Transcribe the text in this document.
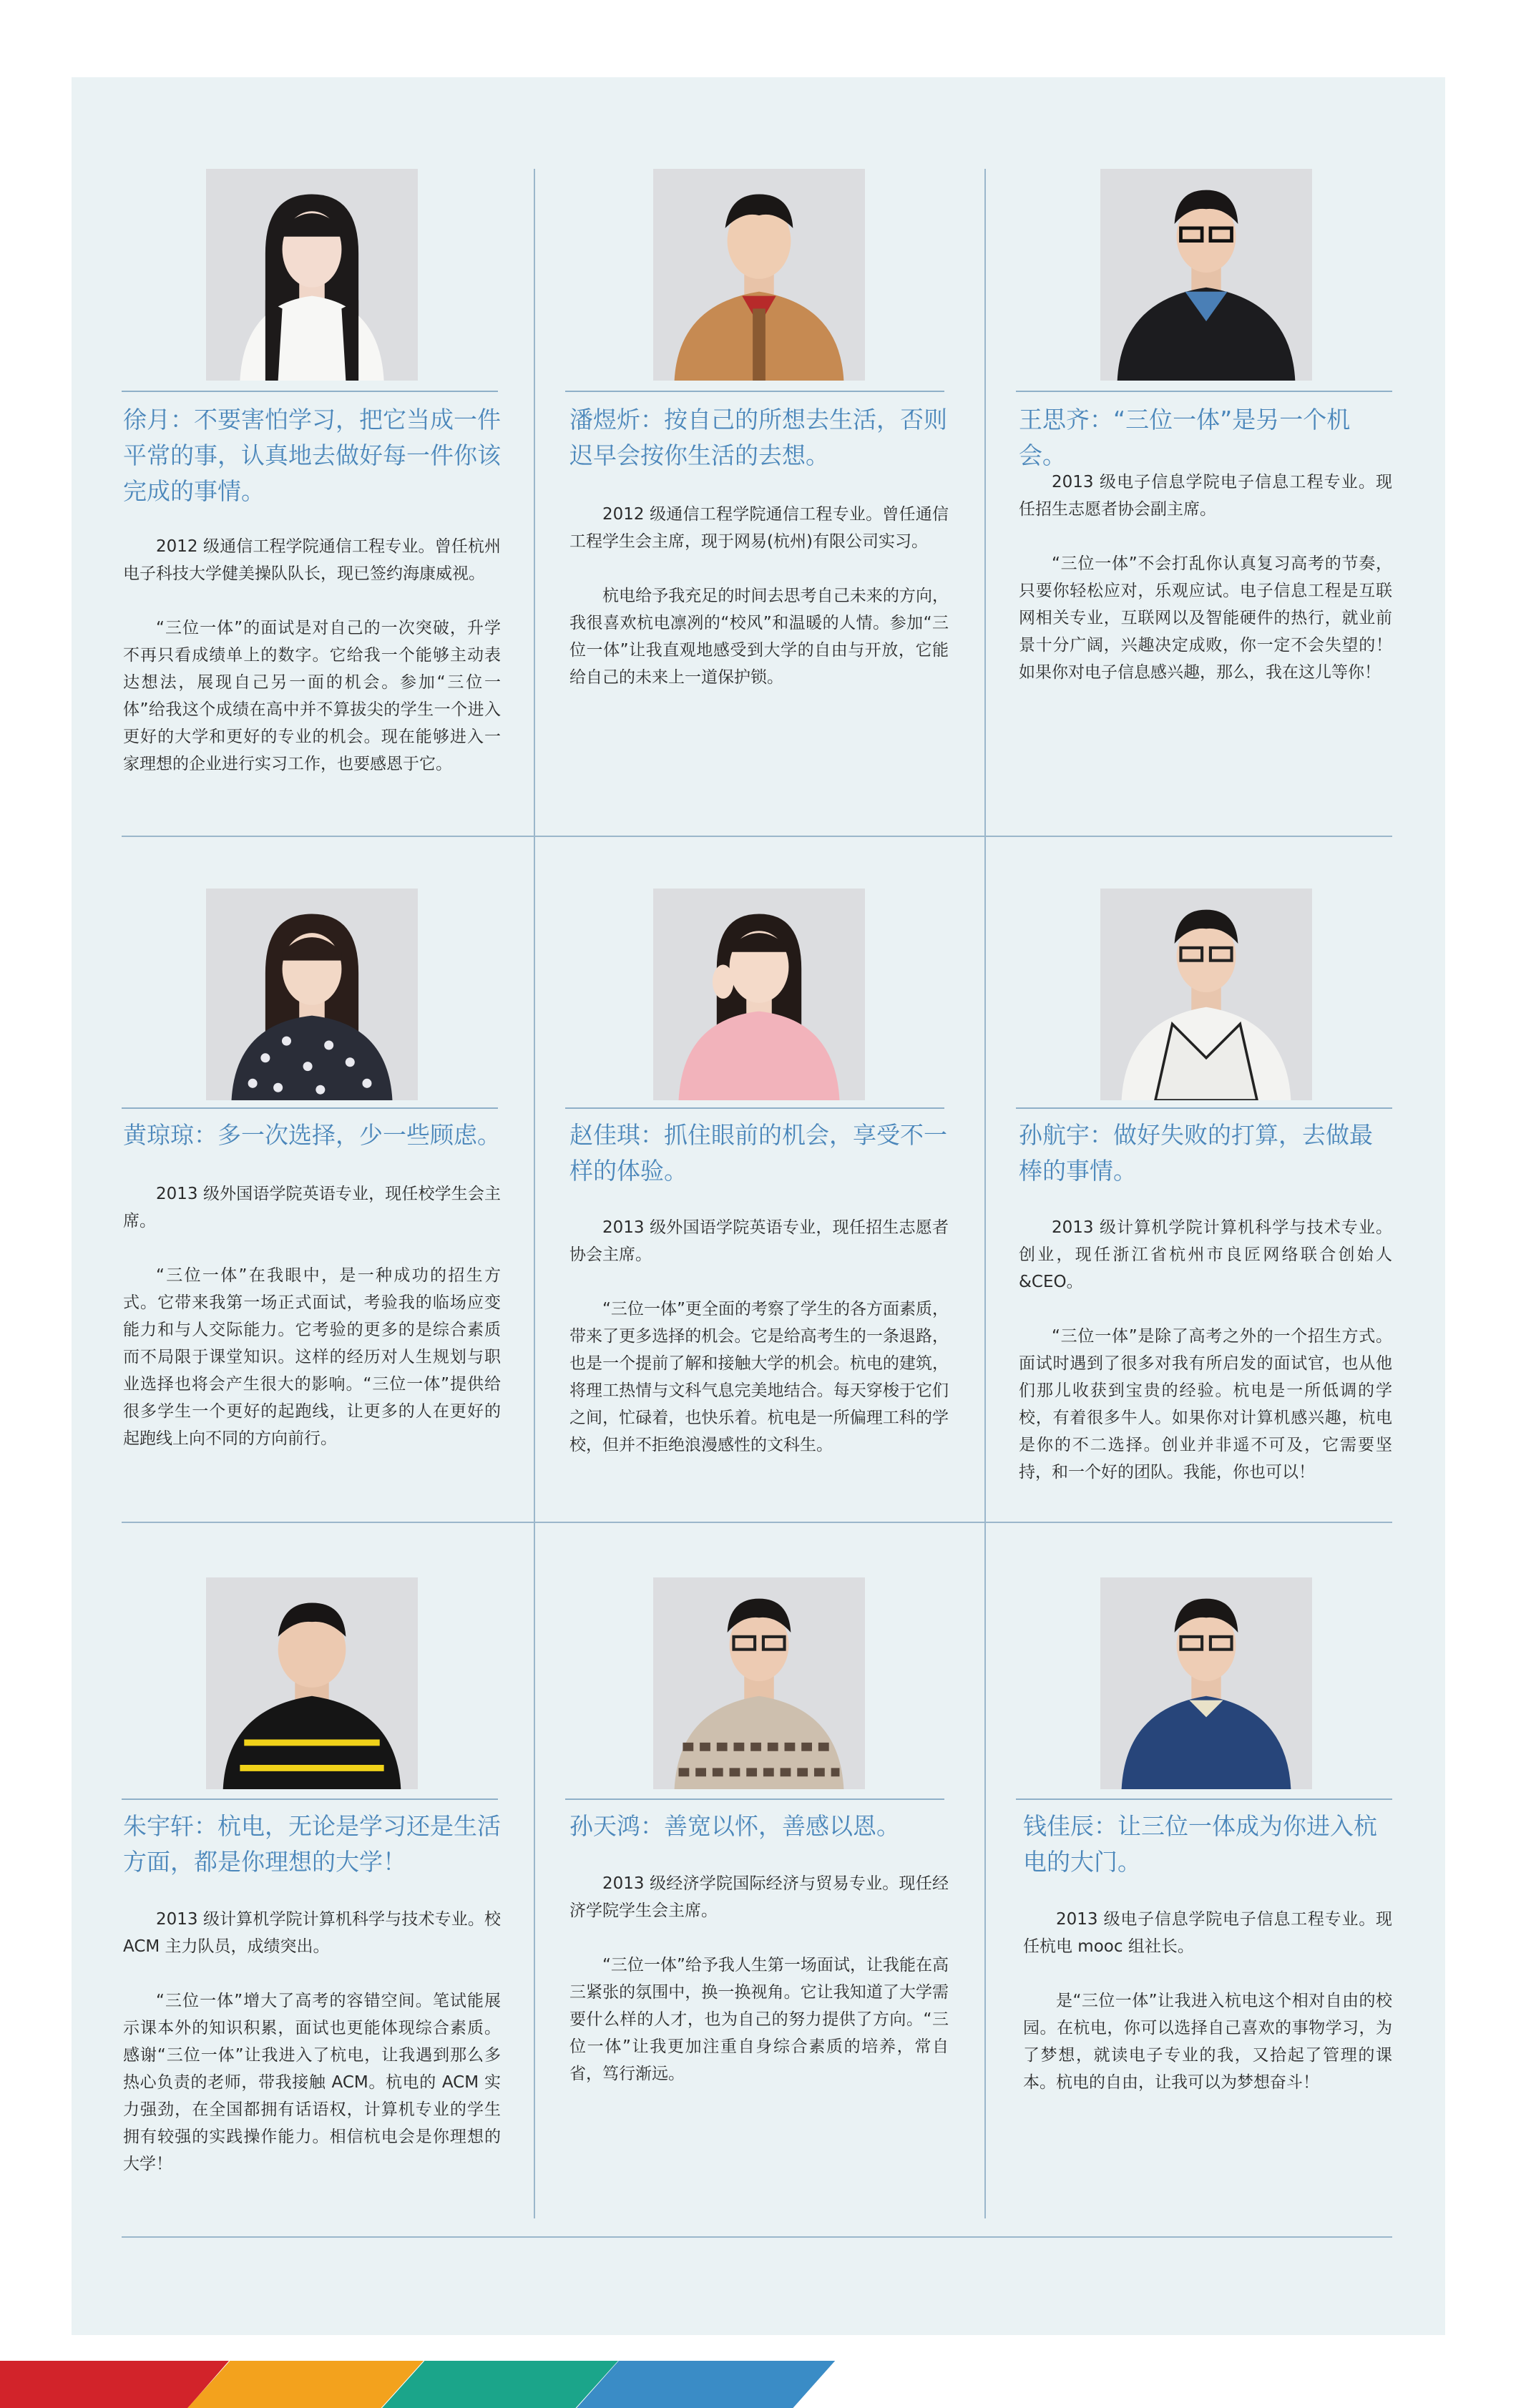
徐月：不要害怕学习，把它当成一件平常的事，认真地去做好每一件你该完成的事情。

2012 级通信工程学院通信工程专业。曾任杭州电子科技大学健美操队队长，现已签约海康威视。

“三位一体”的面试是对自己的一次突破，升学不再只看成绩单上的数字。它给我一个能够主动表达想法，展现自己另一面的机会。参加“三位一体”给我这个成绩在高中并不算拔尖的学生一个进入更好的大学和更好的专业的机会。现在能够进入一家理想的企业进行实习工作，也要感恩于它。

潘煜炘：按自己的所想去生活，否则迟早会按你生活的去想。

2012 级通信工程学院通信工程专业。曾任通信工程学生会主席，现于网易(杭州)有限公司实习。

杭电给予我充足的时间去思考自己未来的方向，我很喜欢杭电凛冽的“校风”和温暖的人情。参加“三位一体”让我直观地感受到大学的自由与开放，它能给自己的未来上一道保护锁。

王思齐：“三位一体”是另一个机会。

2013 级电子信息学院电子信息工程专业。现任招生志愿者协会副主席。

“三位一体”不会打乱你认真复习高考的节奏，只要你轻松应对，乐观应试。电子信息工程是互联网相关专业，互联网以及智能硬件的热行，就业前景十分广阔，兴趣决定成败，你一定不会失望的！如果你对电子信息感兴趣，那么，我在这儿等你！

黄琼琼：多一次选择，少一些顾虑。

2013 级外国语学院英语专业，现任校学生会主席。

“三位一体”在我眼中，是一种成功的招生方式。它带来我第一场正式面试，考验我的临场应变能力和与人交际能力。它考验的更多的是综合素质而不局限于课堂知识。这样的经历对人生规划与职业选择也将会产生很大的影响。“三位一体”提供给很多学生一个更好的起跑线，让更多的人在更好的起跑线上向不同的方向前行。

赵佳琪：抓住眼前的机会，享受不一样的体验。

2013 级外国语学院英语专业，现任招生志愿者协会主席。

“三位一体”更全面的考察了学生的各方面素质，带来了更多选择的机会。它是给高考生的一条退路，也是一个提前了解和接触大学的机会。杭电的建筑，将理工热情与文科气息完美地结合。每天穿梭于它们之间，忙碌着，也快乐着。杭电是一所偏理工科的学校，但并不拒绝浪漫感性的文科生。

孙航宇：做好失败的打算，去做最棒的事情。

2013 级计算机学院计算机科学与技术专业。创业，现任浙江省杭州市良匠网络联合创始人&CEO。

“三位一体”是除了高考之外的一个招生方式。面试时遇到了很多对我有所启发的面试官，也从他们那儿收获到宝贵的经验。杭电是一所低调的学校，有着很多牛人。如果你对计算机感兴趣，杭电是你的不二选择。创业并非遥不可及，它需要坚持，和一个好的团队。我能，你也可以！

朱宇轩：杭电，无论是学习还是生活方面，都是你理想的大学！

2013 级计算机学院计算机科学与技术专业。校 ACM 主力队员，成绩突出。

“三位一体”增大了高考的容错空间。笔试能展示课本外的知识积累，面试也更能体现综合素质。感谢“三位一体”让我进入了杭电，让我遇到那么多热心负责的老师，带我接触 ACM。杭电的 ACM 实力强劲，在全国都拥有话语权，计算机专业的学生拥有较强的实践操作能力。相信杭电会是你理想的大学！

孙天鸿：善宽以怀，善感以恩。

2013 级经济学院国际经济与贸易专业。现任经济学院学生会主席。

“三位一体”给予我人生第一场面试，让我能在高三紧张的氛围中，换一换视角。它让我知道了大学需要什么样的人才，也为自己的努力提供了方向。“三位一体”让我更加注重自身综合素质的培养，常自省，笃行渐远。

钱佳辰：让三位一体成为你进入杭电的大门。

2013 级电子信息学院电子信息工程专业。现任杭电 mooc 组社长。

是“三位一体”让我进入杭电这个相对自由的校园。在杭电，你可以选择自己喜欢的事物学习，为了梦想，就读电子专业的我，又拾起了管理的课本。杭电的自由，让我可以为梦想奋斗！
